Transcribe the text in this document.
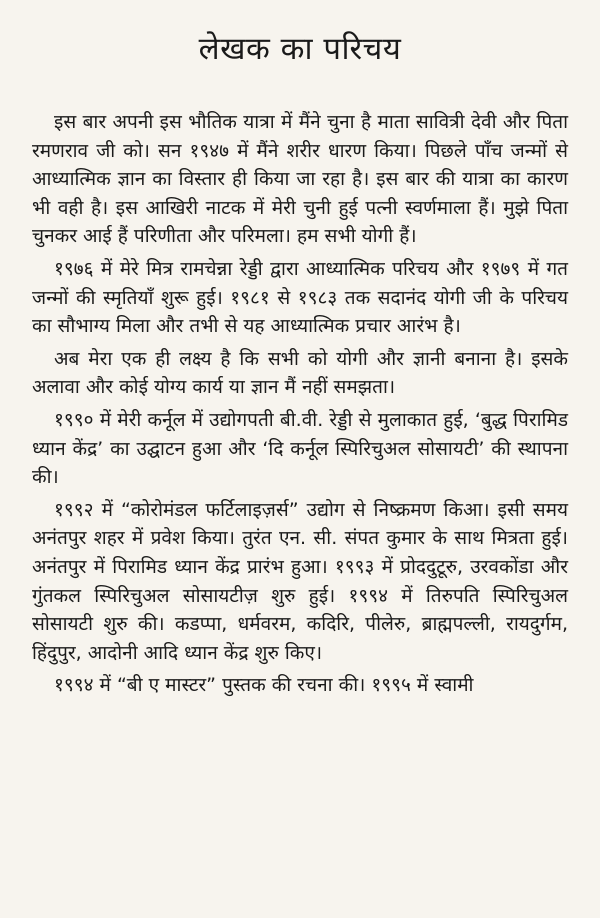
लेखक का परिचय

इस बार अपनी इस भौतिक यात्रा में मैंने चुना है माता सावित्री देवी और पिता रमणराव जी को। सन १९४७ में मैंने शरीर धारण किया। पिछले पाँच जन्मों से आध्यात्मिक ज्ञान का विस्तार ही किया जा रहा है। इस बार की यात्रा का कारण भी वही है। इस आखिरी नाटक में मेरी चुनी हुई पत्नी स्वर्णमाला हैं। मुझे पिता चुनकर आई हैं परिणीता और परिमला। हम सभी योगी हैं।

१९७६ में मेरे मित्र रामचेन्ना रेड्डी द्वारा आध्यात्मिक परिचय और १९७९ में गत जन्मों की स्मृतियाँ शुरू हुई। १९८१ से १९८३ तक सदानंद योगी जी के परिचय का सौभाग्य मिला और तभी से यह आध्यात्मिक प्रचार आरंभ है।

अब मेरा एक ही लक्ष्य है कि सभी को योगी और ज्ञानी बनाना है। इसके अलावा और कोई योग्य कार्य या ज्ञान मैं नहीं समझता।

१९९० में मेरी कर्नूल में उद्योगपती बी.वी. रेड्डी से मुलाकात हुई, ‘बुद्ध पिरामिड ध्यान केंद्र’ का उद्घाटन हुआ और ‘दि कर्नूल स्पिरिचुअल सोसायटी’ की स्थापना की।

१९९२ में “कोरोमंडल फर्टिलाइज़र्स” उद्योग से निष्क्रमण किआ। इसी समय अनंतपुर शहर में प्रवेश किया। तुरंत एन. सी. संपत कुमार के साथ मित्रता हुई। अनंतपुर में पिरामिड ध्यान केंद्र प्रारंभ हुआ। १९९३ में प्रोददुटूरु, उरवकोंडा और गुंतकल स्पिरिचुअल सोसायटीज़ शुरु हुई। १९९४ में तिरुपति स्पिरिचुअल सोसायटी शुरु की। कडप्पा, धर्मवरम, कदिरि, पीलेरु, ब्राह्मपल्ली, रायदुर्गम, हिंदुपुर, आदोनी आदि ध्यान केंद्र शुरु किए।

१९९४ में “बी ए मास्टर” पुस्तक की रचना की। १९९५ में स्वामी
